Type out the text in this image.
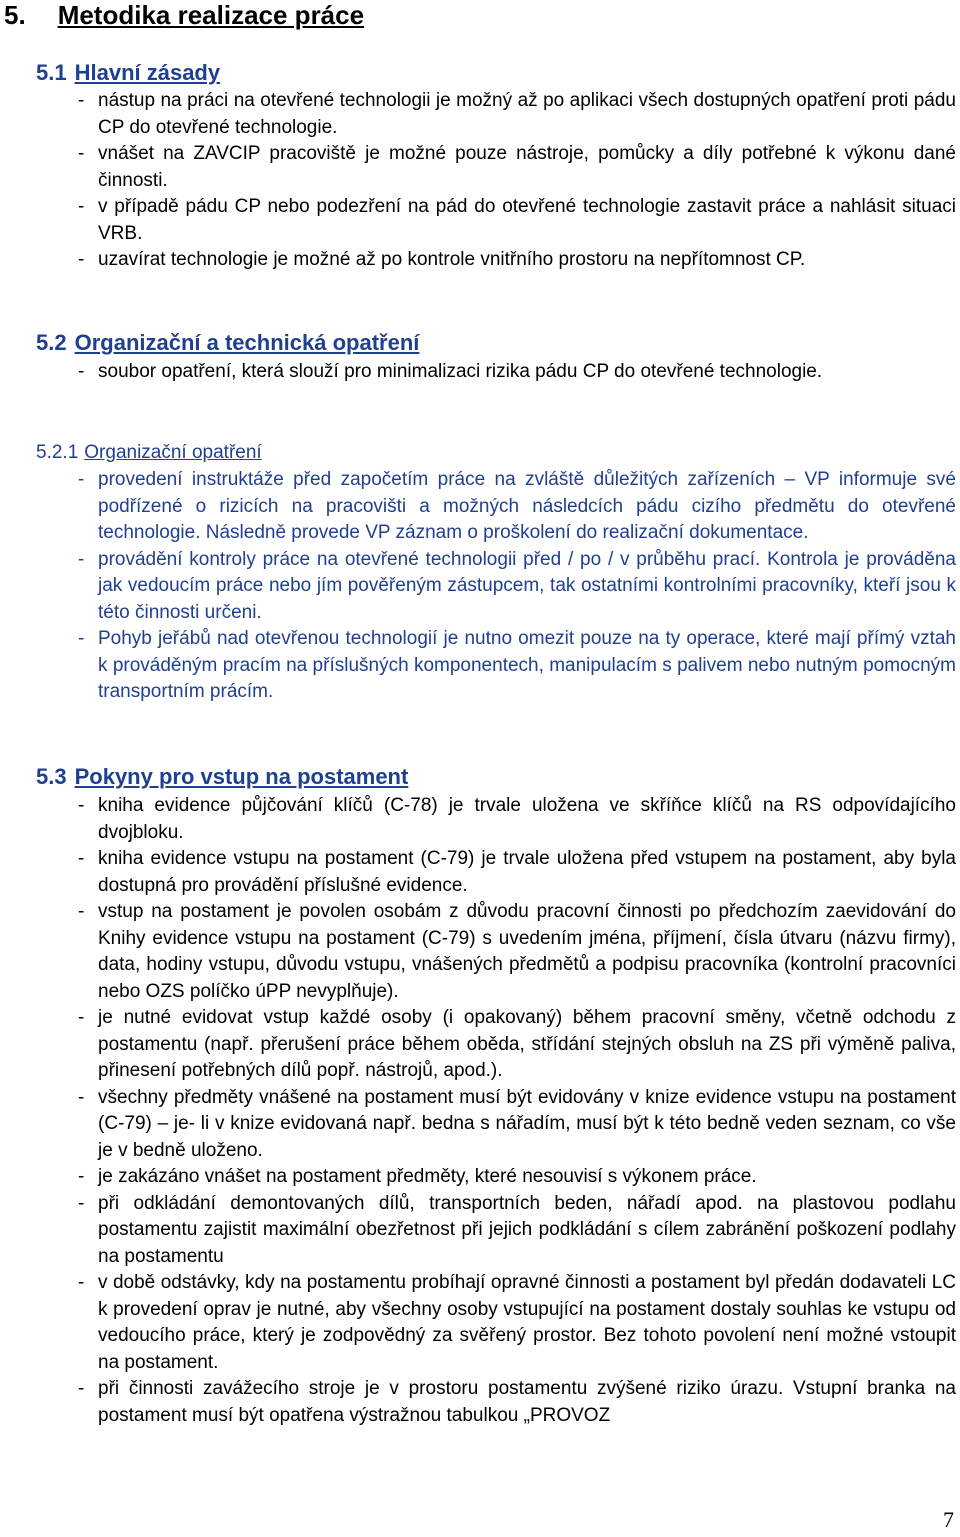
5. Metodika realizace práce
5.1 Hlavní zásady
- nástup na práci na otevřené technologii je možný až po aplikaci všech dostupných opatření proti pádu CP do otevřené technologie.
- vnášet na ZAVCIP pracoviště je možné pouze nástroje, pomůcky a díly potřebné k výkonu dané činnosti.
- v případě pádu CP nebo podezření na pád do otevřené technologie zastavit práce a nahlásit situaci VRB.
- uzavírat technologie je možné až po kontrole vnitřního prostoru na nepřítomnost CP.
5.2 Organizační a technická opatření
- soubor opatření, která slouží pro minimalizaci rizika pádu CP do otevřené technologie.
5.2.1 Organizační opatření
- provedení instruktáže před započetím práce na zvláště důležitých zařízeních – VP informuje své podřízené o rizicích na pracovišti a možných následcích pádu cizího předmětu do otevřené technologie. Následně provede VP záznam o proškolení do realizační dokumentace.
- provádění kontroly práce na otevřené technologii před / po / v průběhu prací. Kontrola je prováděna jak vedoucím práce nebo jím pověřeným zástupcem, tak ostatními kontrolními pracovníky, kteří jsou k této činnosti určeni.
- Pohyb jeřábů nad otevřenou technologií je nutno omezit pouze na ty operace, které mají přímý vztah k prováděným pracím na příslušných komponentech, manipulacím s palivem nebo nutným pomocným transportním prácím.
5.3 Pokyny pro vstup na postament
- kniha evidence půjčování klíčů (C-78) je trvale uložena ve skříňce klíčů na RS odpovídajícího dvojbloku.
- kniha evidence vstupu na postament (C-79) je trvale uložena před vstupem na postament, aby byla dostupná pro provádění příslušné evidence.
- vstup na postament je povolen osobám z důvodu pracovní činnosti po předchozím zaevidování do Knihy evidence vstupu na postament (C-79) s uvedením jména, příjmení, čísla útvaru (názvu firmy), data, hodiny vstupu, důvodu vstupu, vnášených předmětů a podpisu pracovníka (kontrolní pracovníci nebo OZS políčko úPP nevyplňuje).
- je nutné evidovat vstup každé osoby (i opakovaný) během pracovní směny, včetně odchodu z postamentu (např. přerušení práce během oběda, střídání stejných obsluh na ZS při výměně paliva, přinesení potřebných dílů popř. nástrojů, apod.).
- všechny předměty vnášené na postament musí být evidovány v knize evidence vstupu na postament (C-79) – je- li v knize evidovaná např. bedna s nářadím, musí být k této bedně veden seznam, co vše je v bedně uloženo.
- je zakázáno vnášet na postament předměty, které nesouvisí s výkonem práce.
- při odkládání demontovaných dílů, transportních beden, nářadí apod. na plastovou podlahu postamentu zajistit maximální obezřetnost při jejich podkládání s cílem zabránění poškození podlahy na postamentu
- v době odstávky, kdy na postamentu probíhají opravné činnosti a postament byl předán dodavateli LC k provedení oprav je nutné, aby všechny osoby vstupující na postament dostaly souhlas ke vstupu od vedoucího práce, který je zodpovědný za svěřený prostor. Bez tohoto povolení není možné vstoupit na postament.
- při činnosti zavážecího stroje je v prostoru postamentu zvýšené riziko úrazu. Vstupní branka na postament musí být opatřena výstražnou tabulkou „PROVOZ
7
